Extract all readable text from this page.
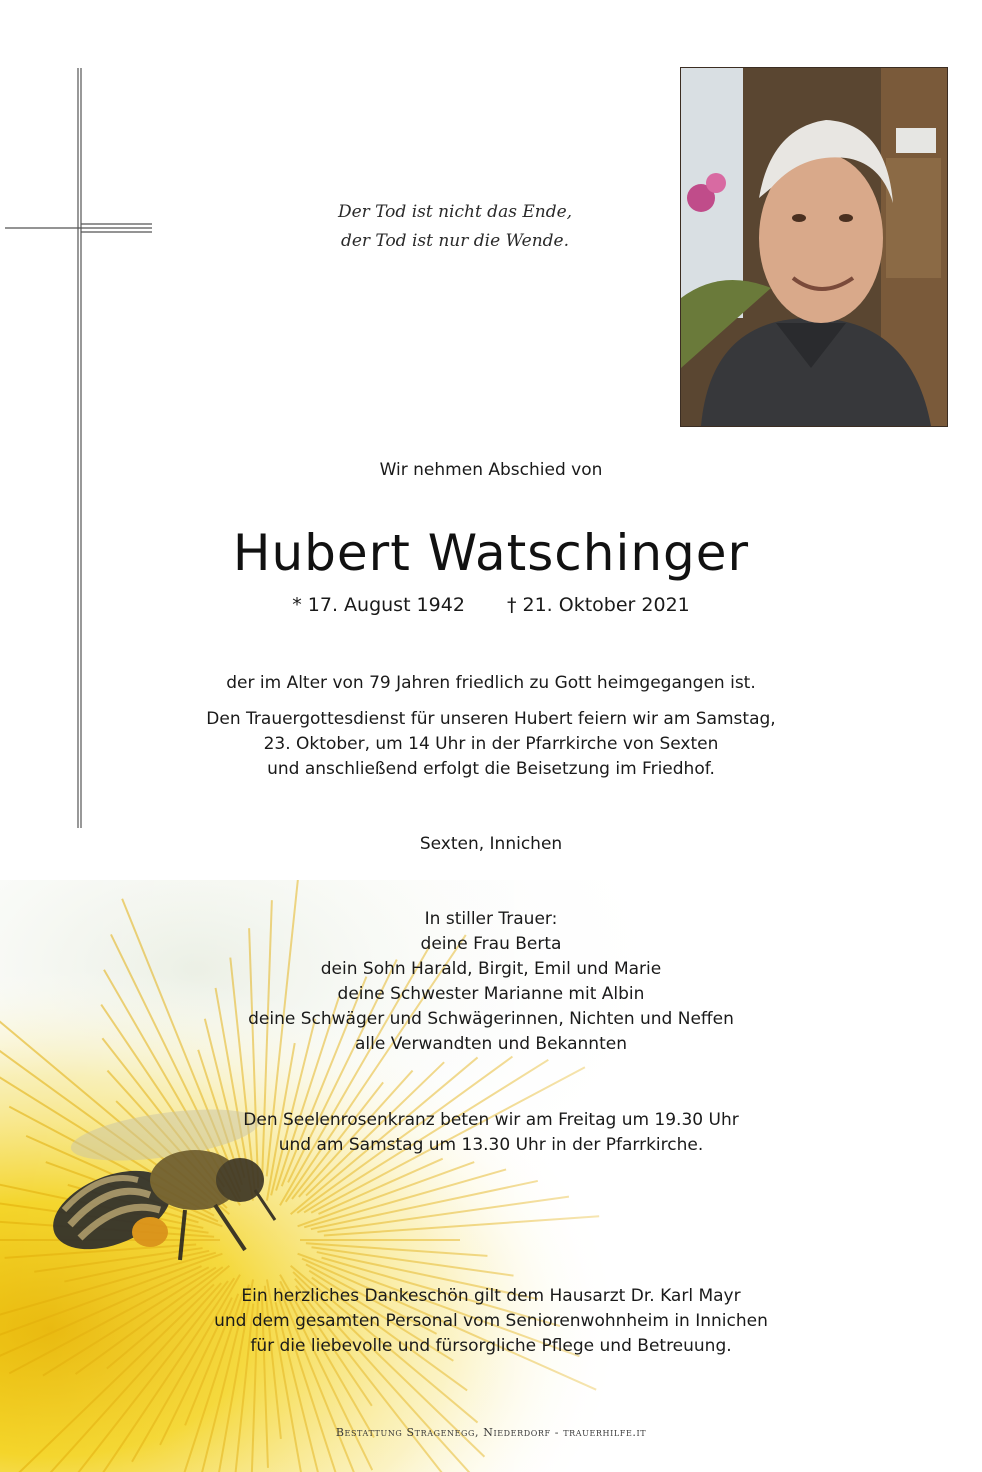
Der Tod ist nicht das Ende,
der Tod ist nur die Wende.
Wir nehmen Abschied von
Hubert Watschinger
* 17. August 1942 † 21. Oktober 2021
der im Alter von 79 Jahren friedlich zu Gott heimgegangen ist.
Den Trauergottesdienst für unseren Hubert feiern wir am Samstag,
23. Oktober, um 14 Uhr in der Pfarrkirche von Sexten
und anschließend erfolgt die Beisetzung im Friedhof.
Sexten, Innichen
In stiller Trauer:
deine Frau Berta
dein Sohn Harald, Birgit, Emil und Marie
deine Schwester Marianne mit Albin
deine Schwäger und Schwägerinnen, Nichten und Neffen
alle Verwandten und Bekannten
Den Seelenrosenkranz beten wir am Freitag um 19.30 Uhr
und am Samstag um 13.30 Uhr in der Pfarrkirche.
Ein herzliches Dankeschön gilt dem Hausarzt Dr. Karl Mayr
und dem gesamten Personal vom Seniorenwohnheim in Innichen
für die liebevolle und fürsorgliche Pflege und Betreuung.
Bestattung Stragenegg, Niederdorf - trauerhilfe.it
